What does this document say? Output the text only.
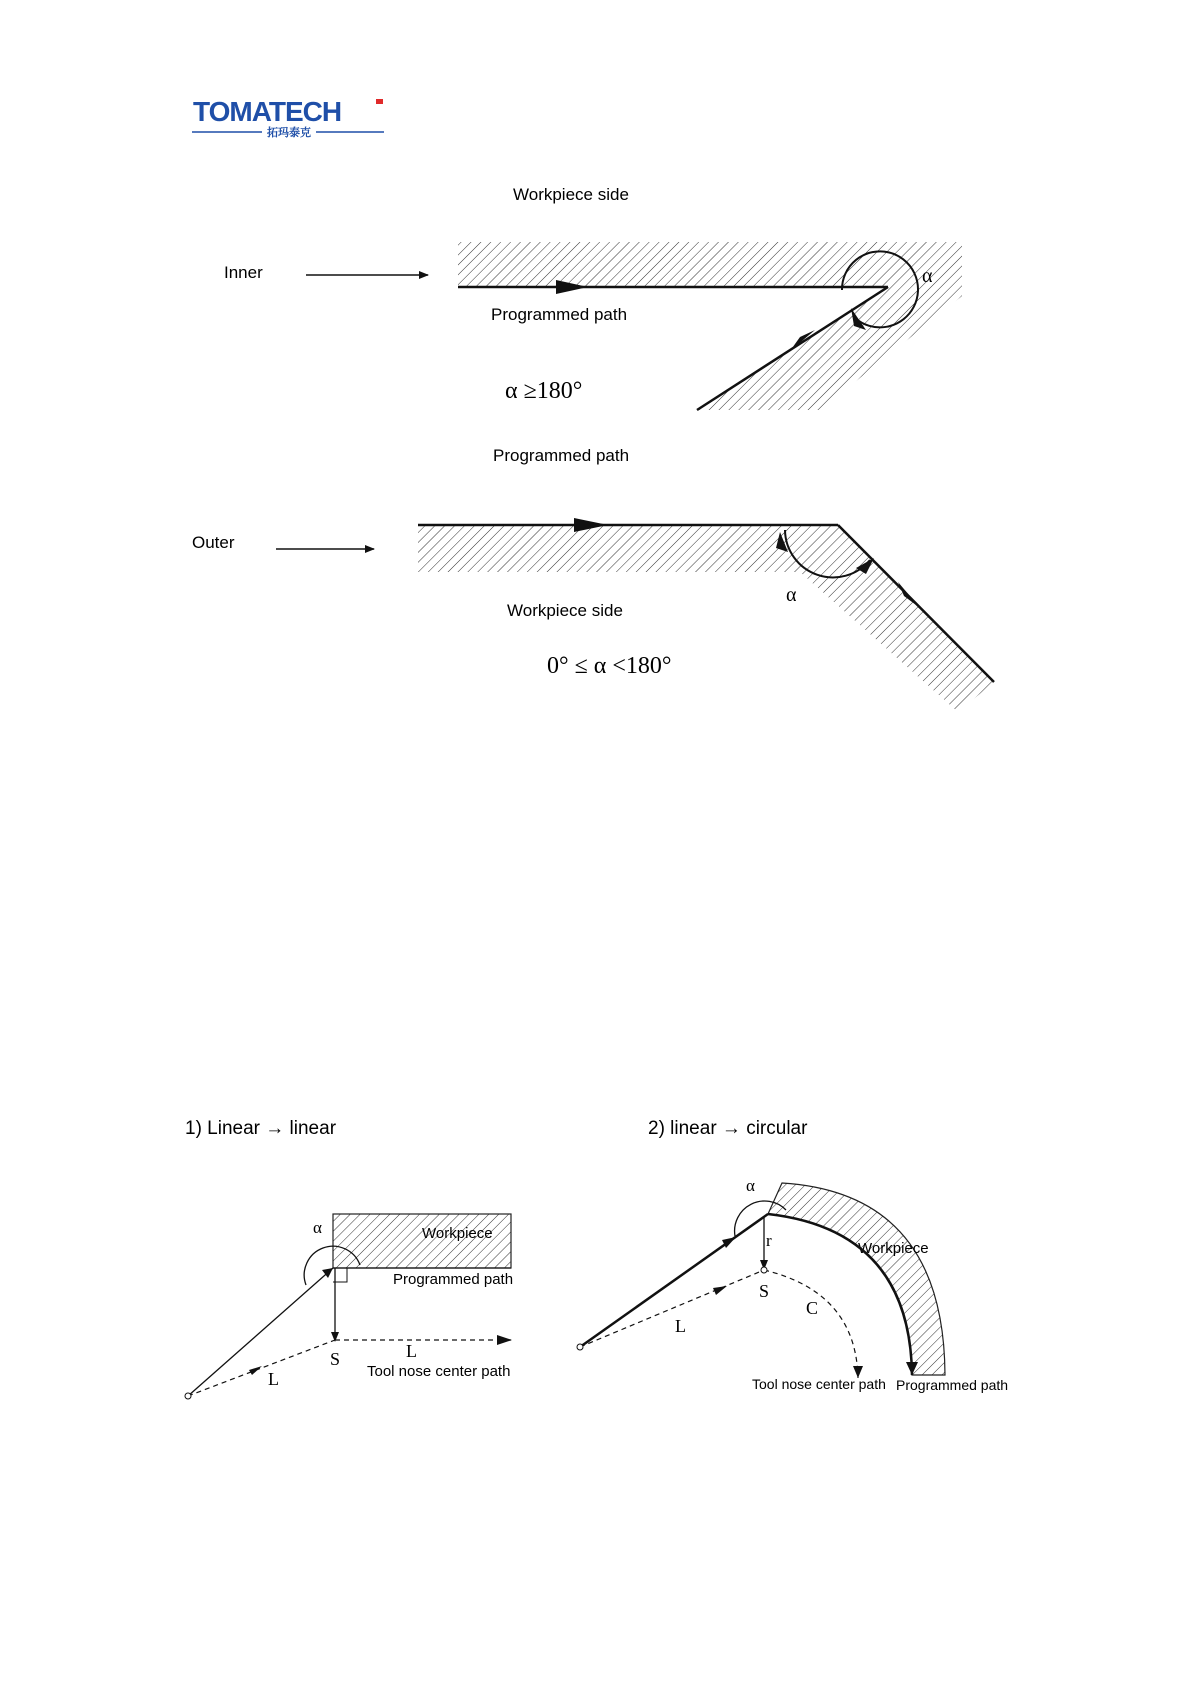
TOMATECH
拓玛泰克
Workpiece side
Inner	α
Programmed path
α ≥180°
Programmed path
Outer
α
Workpiece side
0° ≤ α <180°
1) Linear → linear
Workpiece
Programmed path
α
S
L
L
Tool nose center path
2) linear → circular
Workpiece
α
r
S
L
C
Tool nose center path Programmed path
